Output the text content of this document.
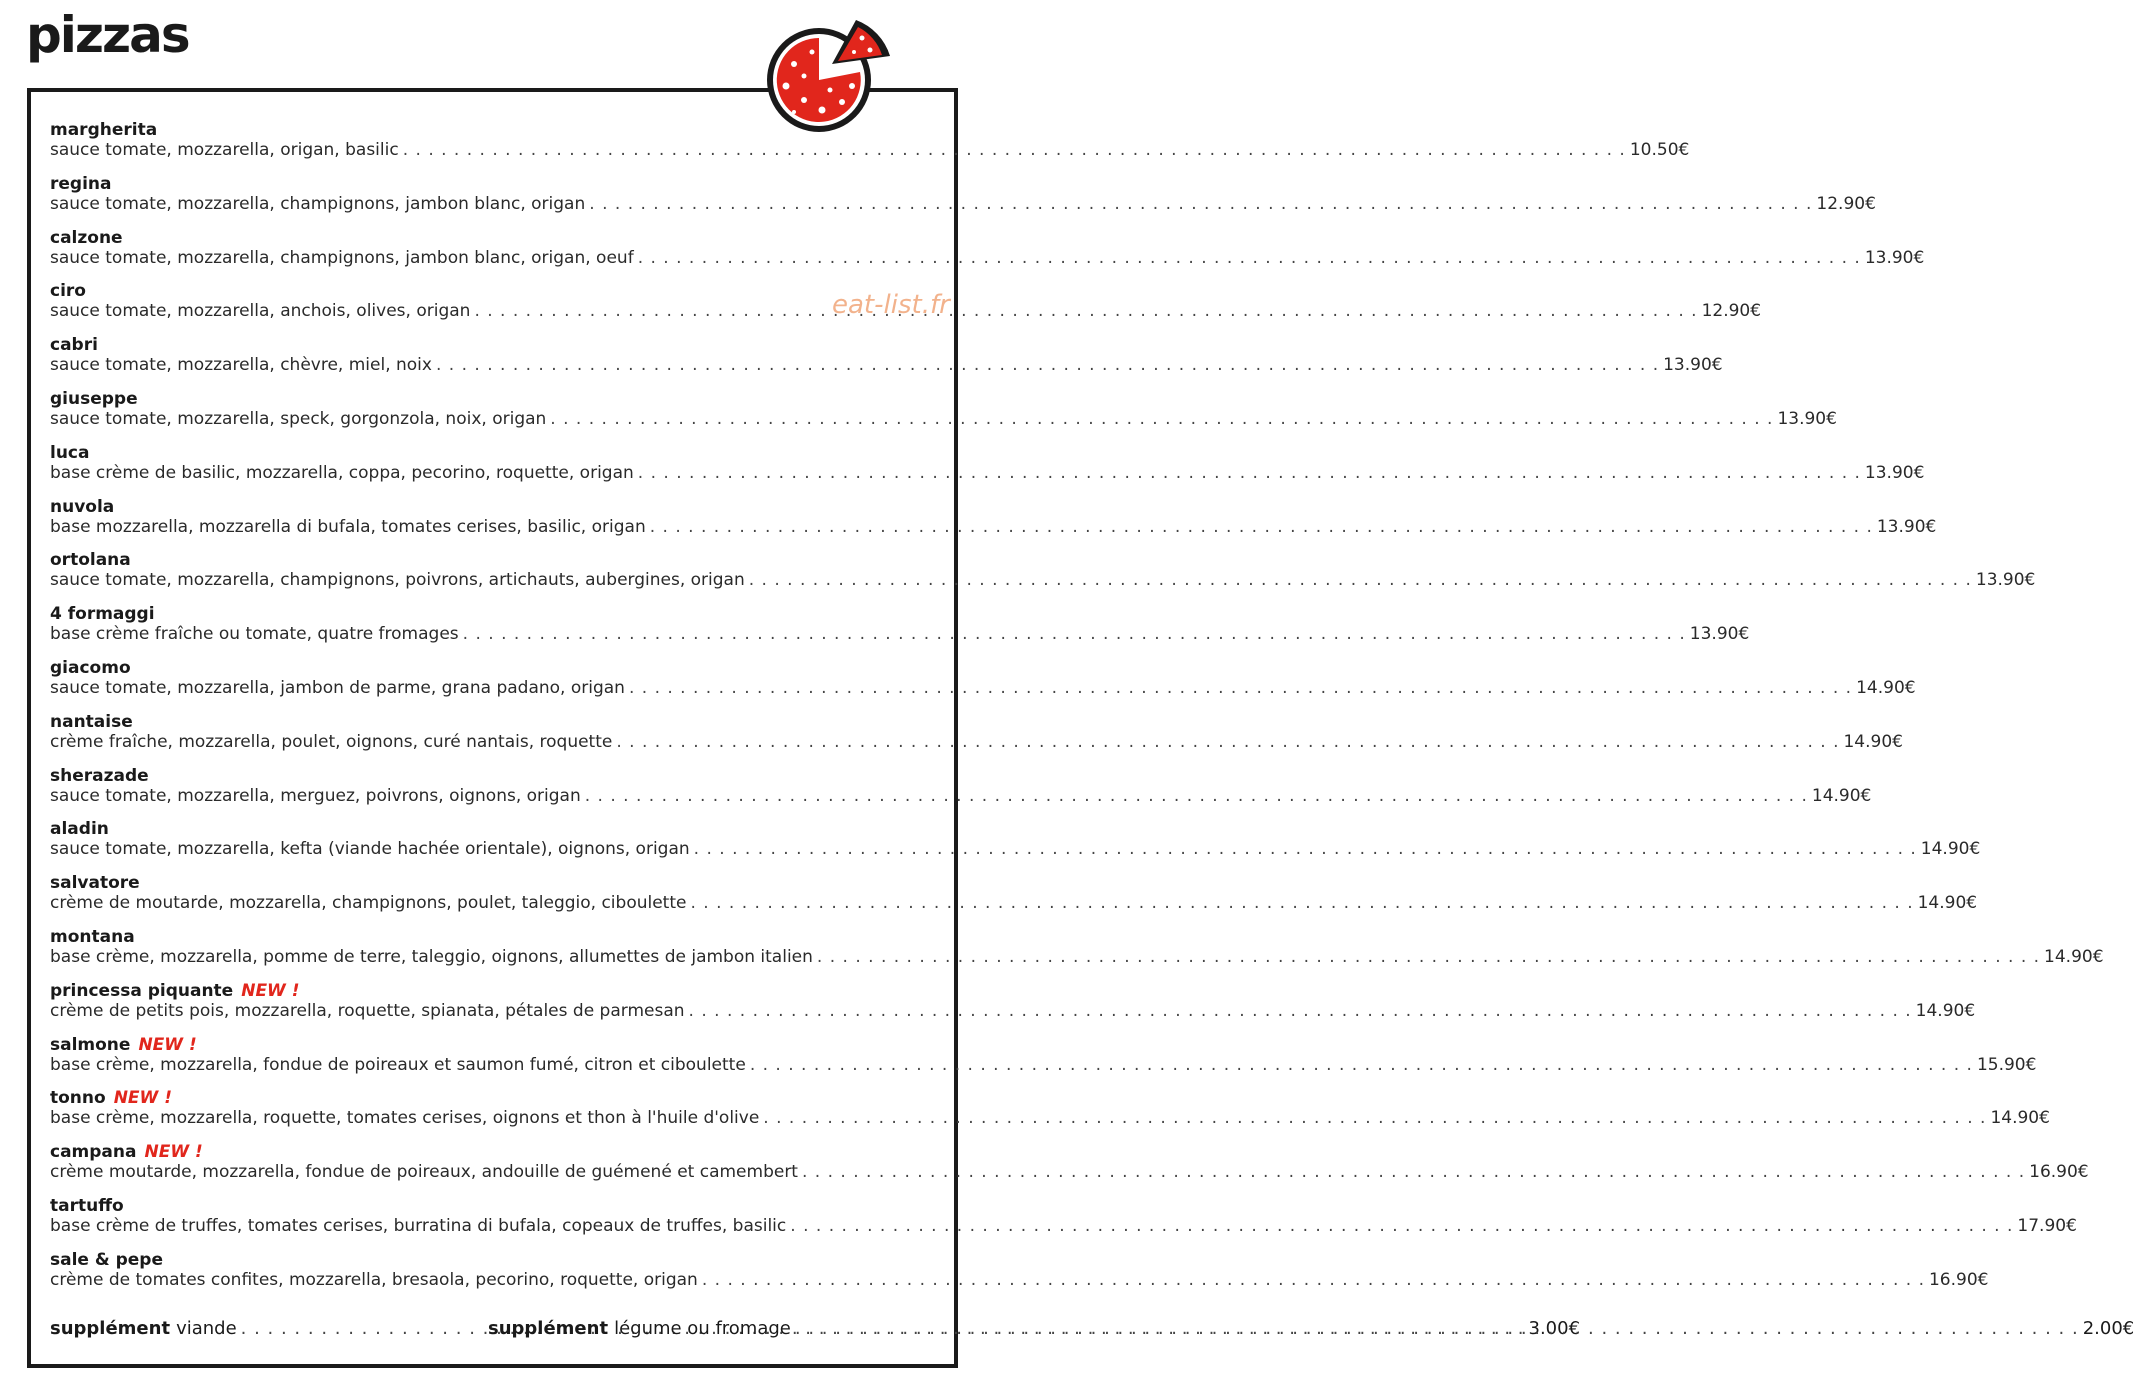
pizzas
eat-list.fr
margherita
sauce tomate, mozzarella, origan, basilic . . .	10.50€
regina
sauce tomate, mozzarella, champignons, jambon blanc, origan . . .	12.90€
calzone
sauce tomate, mozzarella, champignons, jambon blanc, origan, oeuf . . .	13.90€
ciro
sauce tomate, mozzarella, anchois, olives, origan . . .	12.90€
cabri
sauce tomate, mozzarella, chèvre, miel, noix . . .	13.90€
giuseppe
sauce tomate, mozzarella, speck, gorgonzola, noix, origan . . .	13.90€
luca
base crème de basilic, mozzarella, coppa, pecorino, roquette, origan . . .	13.90€
nuvola
base mozzarella, mozzarella di bufala, tomates cerises, basilic, origan . . .	13.90€
ortolana
sauce tomate, mozzarella, champignons, poivrons, artichauts, aubergines, origan . . .	13.90€
4 formaggi
base crème fraîche ou tomate, quatre fromages . . .	13.90€
giacomo
sauce tomate, mozzarella, jambon de parme, grana padano, origan . . .	14.90€
nantaise
crème fraîche, mozzarella, poulet, oignons, curé nantais, roquette . . .	14.90€
sherazade
sauce tomate, mozzarella, merguez, poivrons, oignons, origan . . .	14.90€
aladin
sauce tomate, mozzarella, kefta (viande hachée orientale), oignons, origan . . .	14.90€
salvatore
crème de moutarde, mozzarella, champignons, poulet, taleggio, ciboulette . . .	14.90€
montana
base crème, mozzarella, pomme de terre, taleggio, oignons, allumettes de jambon italien . . .	14.90€
princessa piquante NEW !
crème de petits pois, mozzarella, roquette, spianata, pétales de parmesan . . .	14.90€
salmone NEW !
base crème, mozzarella, fondue de poireaux et saumon fumé, citron et ciboulette . . .	15.90€
tonno NEW !
base crème, mozzarella, roquette, tomates cerises, oignons et thon à l'huile d'olive . . .	14.90€
campana NEW !
crème moutarde, mozzarella, fondue de poireaux, andouille de guémené et camembert . . .	16.90€
tartuffo
base crème de truffes, tomates cerises, burratina di bufala, copeaux de truffes, basilic . . .	17.90€
sale & pepe
crème de tomates confites, mozzarella, bresaola, pecorino, roquette, origan . . .	16.90€
supplément viande . . .	3.00€
supplément légume ou fromage . . .	2.00€
